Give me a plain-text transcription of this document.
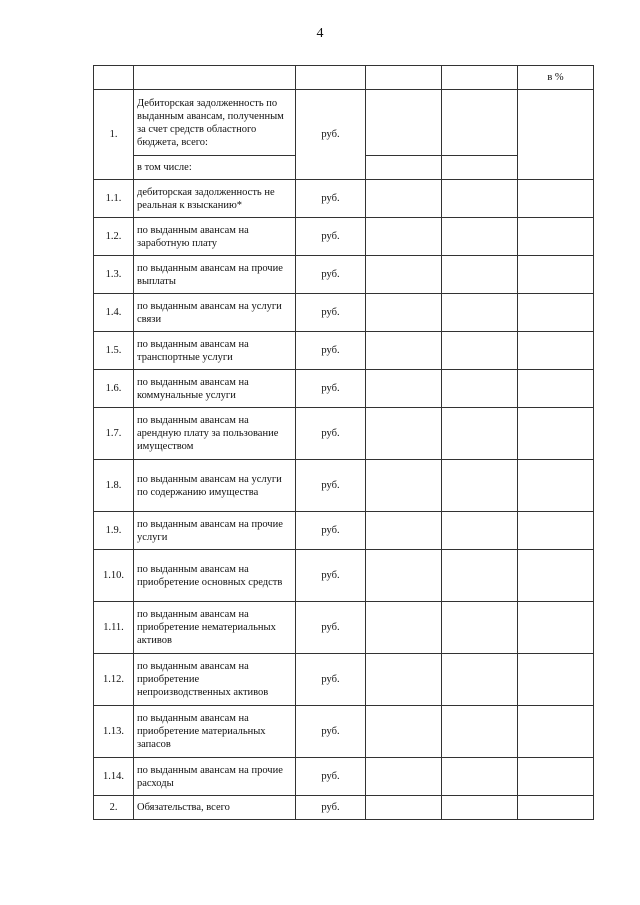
4
					в %
1.	Дебиторская задолженность по выданным авансам, полученным за счет средств областного бюджета, всего:	руб.			
	в том числе:				
1.1.	дебиторская задолженность не реальная к взысканию*	руб.			
1.2.	по выданным авансам на заработную плату	руб.			
1.3.	по выданным авансам на прочие выплаты	руб.			
1.4.	по выданным авансам на услуги связи	руб.			
1.5.	по выданным авансам на транспортные услуги	руб.			
1.6.	по выданным авансам на коммунальные услуги	руб.			
1.7.	по выданным авансам на арендную плату за пользование имуществом	руб.			
1.8.	по выданным авансам на услуги по содержанию имущества	руб.			
1.9.	по выданным авансам на прочие услуги	руб.			
1.10.	по выданным авансам на приобретение основных средств	руб.			
1.11.	по выданным авансам на приобретение нематериальных активов	руб.			
1.12.	по выданным авансам на приобретение непроизводственных активов	руб.			
1.13.	по выданным авансам на приобретение материальных запасов	руб.			
1.14.	по выданным авансам на прочие расходы	руб.			
2.	Обязательства, всего	руб.			
